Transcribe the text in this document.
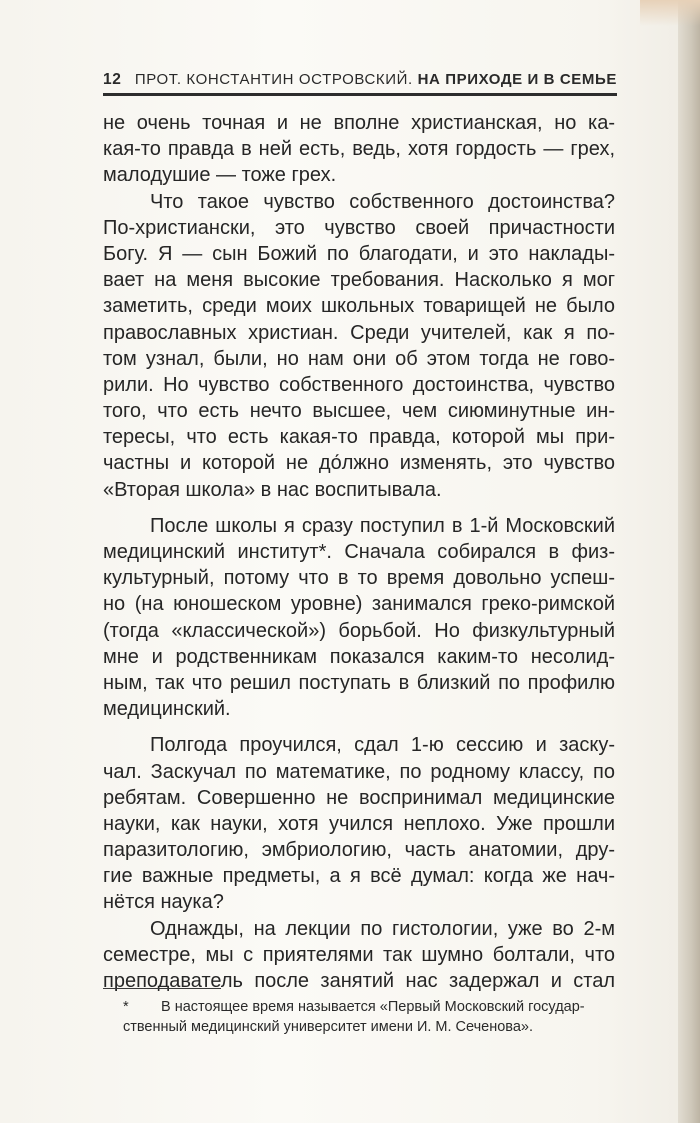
12 ПРОТ. КОНСТАНТИН ОСТРОВСКИЙ. НА ПРИХОДЕ И В СЕМЬЕ
не очень точная и не вполне христианская, но ка-
кая-то правда в ней есть, ведь, хотя гордость — грех,
малодушие — тоже грех.
Что такое чувство собственного достоинства?
По-христиански, это чувство своей причастности
Богу. Я — сын Божий по благодати, и это наклады-
вает на меня высокие требования. Насколько я мог
заметить, среди моих школьных товарищей не было
православных христиан. Среди учителей, как я по-
том узнал, были, но нам они об этом тогда не гово-
рили. Но чувство собственного достоинства, чувство
того, что есть нечто высшее, чем сиюминутные ин-
тересы, что есть какая-то правда, которой мы при-
частны и которой не до́лжно изменять, это чувство
«Вторая школа» в нас воспитывала.
После школы я сразу поступил в 1-й Московский
медицинский институт*. Сначала собирался в физ-
культурный, потому что в то время довольно успеш-
но (на юношеском уровне) занимался греко-римской
(тогда «классической») борьбой. Но физкультурный
мне и родственникам показался каким-то несолид-
ным, так что решил поступать в близкий по профилю
медицинский.
Полгода проучился, сдал 1-ю сессию и заску-
чал. Заскучал по математике, по родному классу, по
ребятам. Совершенно не воспринимал медицинские
науки, как науки, хотя учился неплохо. Уже прошли
паразитологию, эмбриологию, часть анатомии, дру-
гие важные предметы, а я всё думал: когда же нач-
нётся наука?
Однажды, на лекции по гистологии, уже во 2-м
семестре, мы с приятелями так шумно болтали, что
преподаватель после занятий нас задержал и стал
*	В настоящее время называется «Первый Московский государ-
ственный медицинский университет имени И. М. Сеченова».
